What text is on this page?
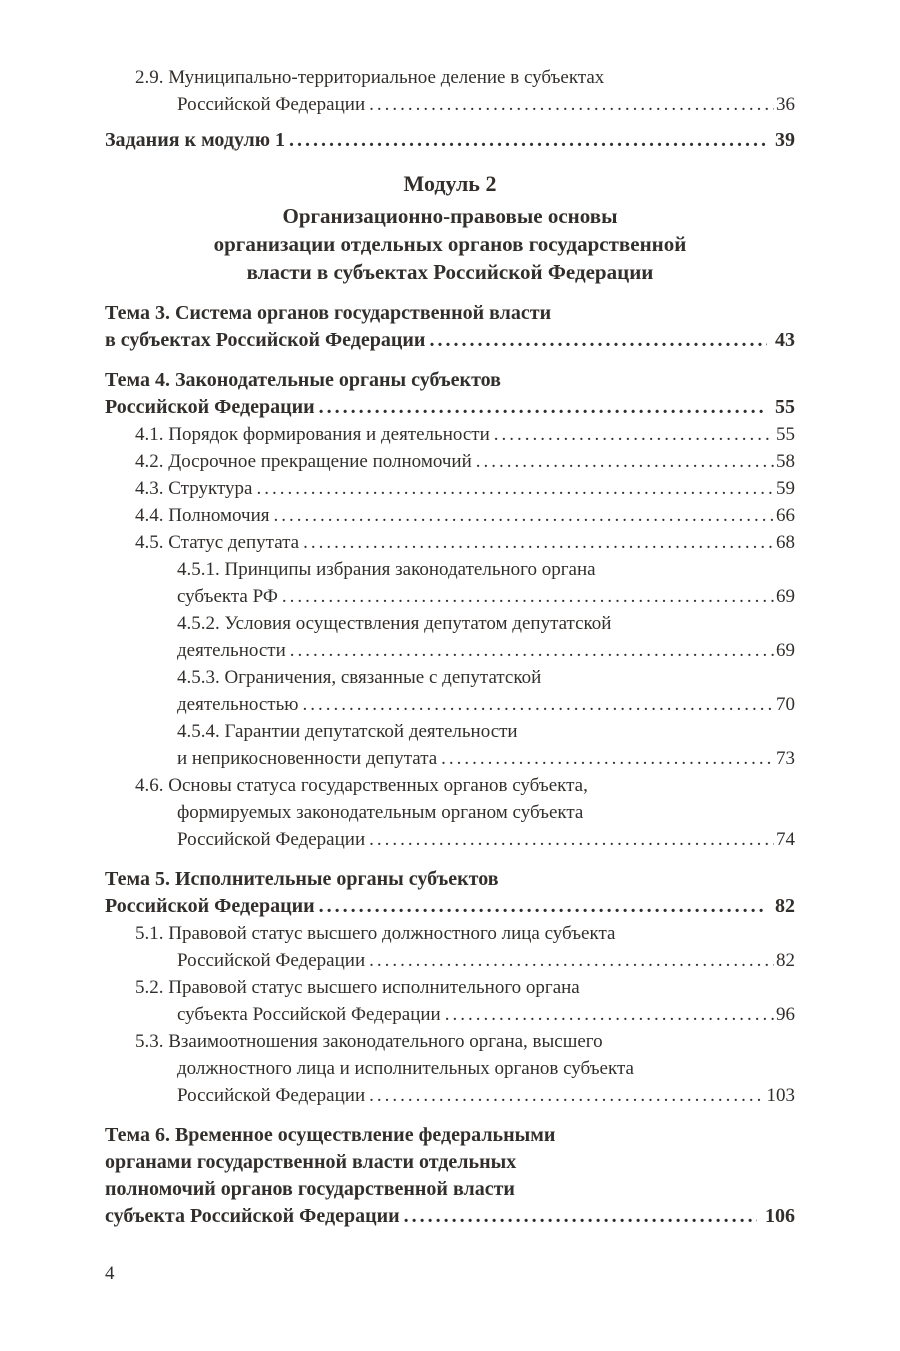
2.9. Муниципально-территориальное деление в субъектах
Российской Федерации .....	36
Задания к модулю 1 .....	39
Модуль 2
Организационно-правовые основы
организации отдельных органов государственной
власти в субъектах Российской Федерации
Тема 3. Система органов государственной власти
в субъектах Российской Федерации .....	43
Тема 4. Законодательные органы субъектов
Российской Федерации .....	55
4.1. Порядок формирования и деятельности .....	55
4.2. Досрочное прекращение полномочий .....	58
4.3. Структура .....	59
4.4. Полномочия .....	66
4.5. Статус депутата .....	68
4.5.1. Принципы избрания законодательного органа
субъекта РФ .....	69
4.5.2. Условия осуществления депутатом депутатской
деятельности .....	69
4.5.3. Ограничения, связанные с депутатской
деятельностью .....	70
4.5.4. Гарантии депутатской деятельности
и неприкосновенности депутата .....	73
4.6. Основы статуса государственных органов субъекта,
формируемых законодательным органом субъекта
Российской Федерации .....	74
Тема 5. Исполнительные органы субъектов
Российской Федерации .....	82
5.1. Правовой статус высшего должностного лица субъекта
Российской Федерации .....	82
5.2. Правовой статус высшего исполнительного органа
субъекта Российской Федерации .....	96
5.3. Взаимоотношения законодательного органа, высшего
должностного лица и исполнительных органов субъекта
Российской Федерации .....	103
Тема 6. Временное осуществление федеральными
органами государственной власти отдельных
полномочий органов государственной власти
субъекта Российской Федерации .....	106
4
